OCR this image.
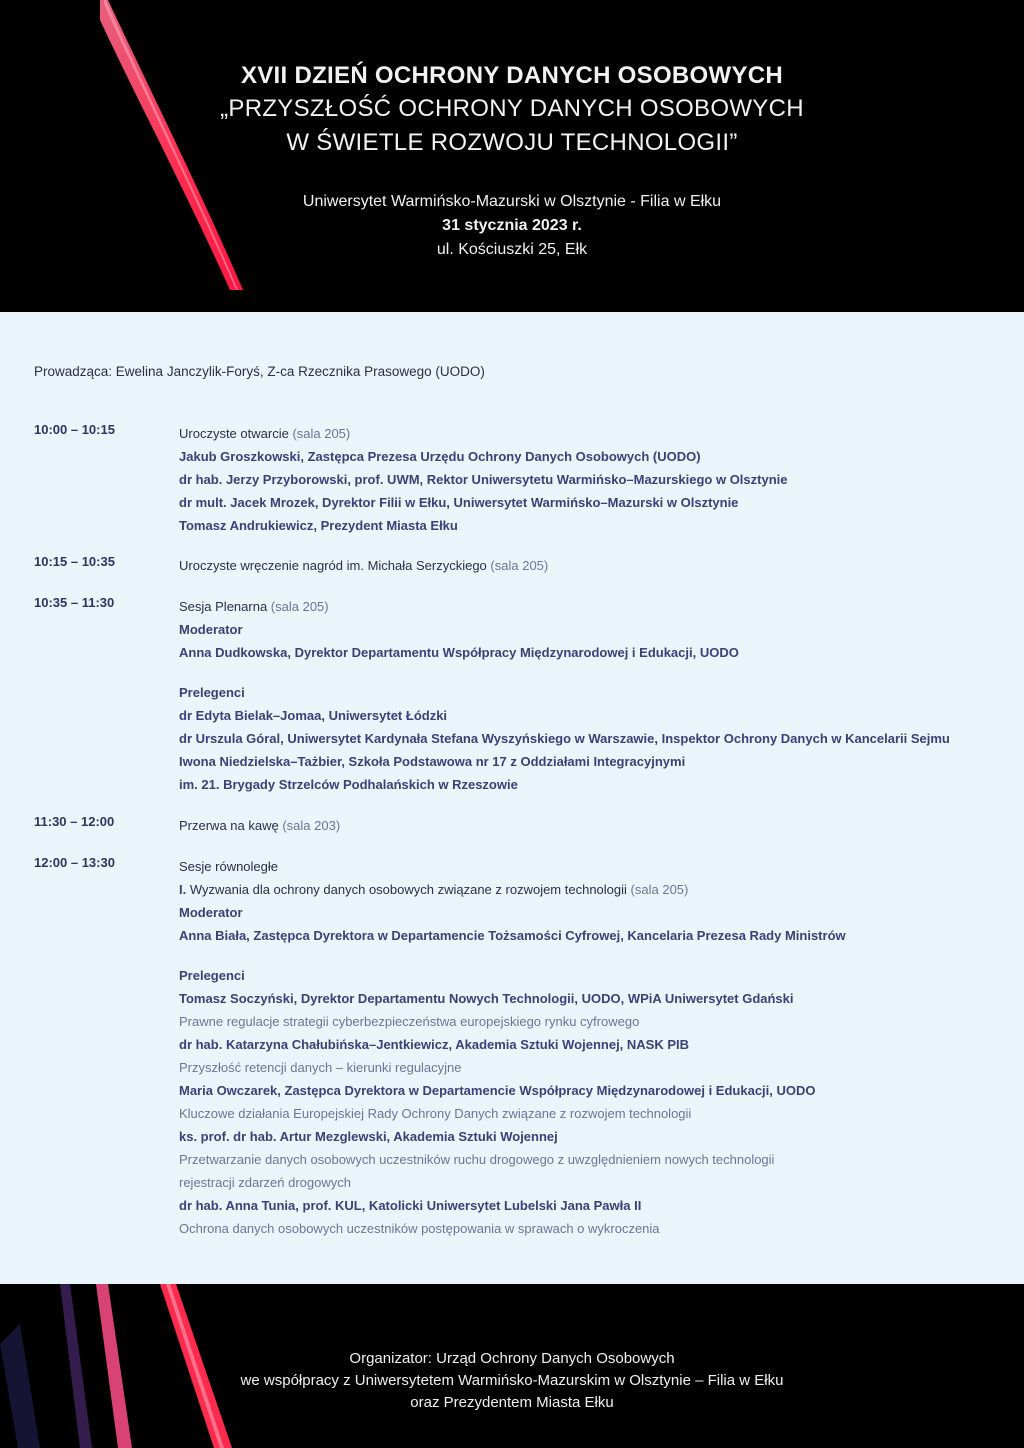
XVII DZIEŃ OCHRONY DANYCH OSOBOWYCH
„PRZYSZŁOŚĆ OCHRONY DANYCH OSOBOWYCH
W ŚWIETLE ROZWOJU TECHNOLOGII”
Uniwersytet Warmińsko-Mazurski w Olsztynie - Filia w Ełku
31 stycznia 2023 r.
ul. Kościuszki 25, Ełk
Prowadząca: Ewelina Janczylik-Foryś, Z-ca Rzecznika Prasowego (UODO)
10:00 – 10:15	Uroczyste otwarcie (sala 205)
Jakub Groszkowski, Zastępca Prezesa Urzędu Ochrony Danych Osobowych (UODO)
dr hab. Jerzy Przyborowski, prof. UWM, Rektor Uniwersytetu Warmińsko–Mazurskiego w Olsztynie
dr mult. Jacek Mrozek, Dyrektor Filii w Ełku, Uniwersytet Warmińsko–Mazurski w Olsztynie
Tomasz Andrukiewicz, Prezydent Miasta Ełku
10:15 – 10:35	Uroczyste wręczenie nagród im. Michała Serzyckiego (sala 205)
10:35 – 11:30	Sesja Plenarna (sala 205)
Moderator
Anna Dudkowska, Dyrektor Departamentu Współpracy Międzynarodowej i Edukacji, UODO
Prelegenci
dr Edyta Bielak–Jomaa, Uniwersytet Łódzki
dr Urszula Góral, Uniwersytet Kardynała Stefana Wyszyńskiego w Warszawie, Inspektor Ochrony Danych w Kancelarii Sejmu
Iwona Niedzielska–Tażbier, Szkoła Podstawowa nr 17 z Oddziałami Integracyjnymi
im. 21. Brygady Strzelców Podhalańskich w Rzeszowie
11:30 – 12:00	Przerwa na kawę (sala 203)
12:00 – 13:30	Sesje równoległe
I. Wyzwania dla ochrony danych osobowych związane z rozwojem technologii (sala 205)
Moderator
Anna Biała, Zastępca Dyrektora w Departamencie Tożsamości Cyfrowej, Kancelaria Prezesa Rady Ministrów
Prelegenci
Tomasz Soczyński, Dyrektor Departamentu Nowych Technologii, UODO, WPiA Uniwersytet Gdański
Prawne regulacje strategii cyberbezpieczeństwa europejskiego rynku cyfrowego
dr hab. Katarzyna Chałubińska–Jentkiewicz, Akademia Sztuki Wojennej, NASK PIB
Przyszłość retencji danych – kierunki regulacyjne
Maria Owczarek, Zastępca Dyrektora w Departamencie Współpracy Międzynarodowej i Edukacji, UODO
Kluczowe działania Europejskiej Rady Ochrony Danych związane z rozwojem technologii
ks. prof. dr hab. Artur Mezglewski, Akademia Sztuki Wojennej
Przetwarzanie danych osobowych uczestników ruchu drogowego z uwzględnieniem nowych technologii
rejestracji zdarzeń drogowych
dr hab. Anna Tunia, prof. KUL, Katolicki Uniwersytet Lubelski Jana Pawła II
Ochrona danych osobowych uczestników postępowania w sprawach o wykroczenia
Organizator: Urząd Ochrony Danych Osobowych
we współpracy z Uniwersytetem Warmińsko-Mazurskim w Olsztynie – Filia w Ełku
oraz Prezydentem Miasta Ełku
